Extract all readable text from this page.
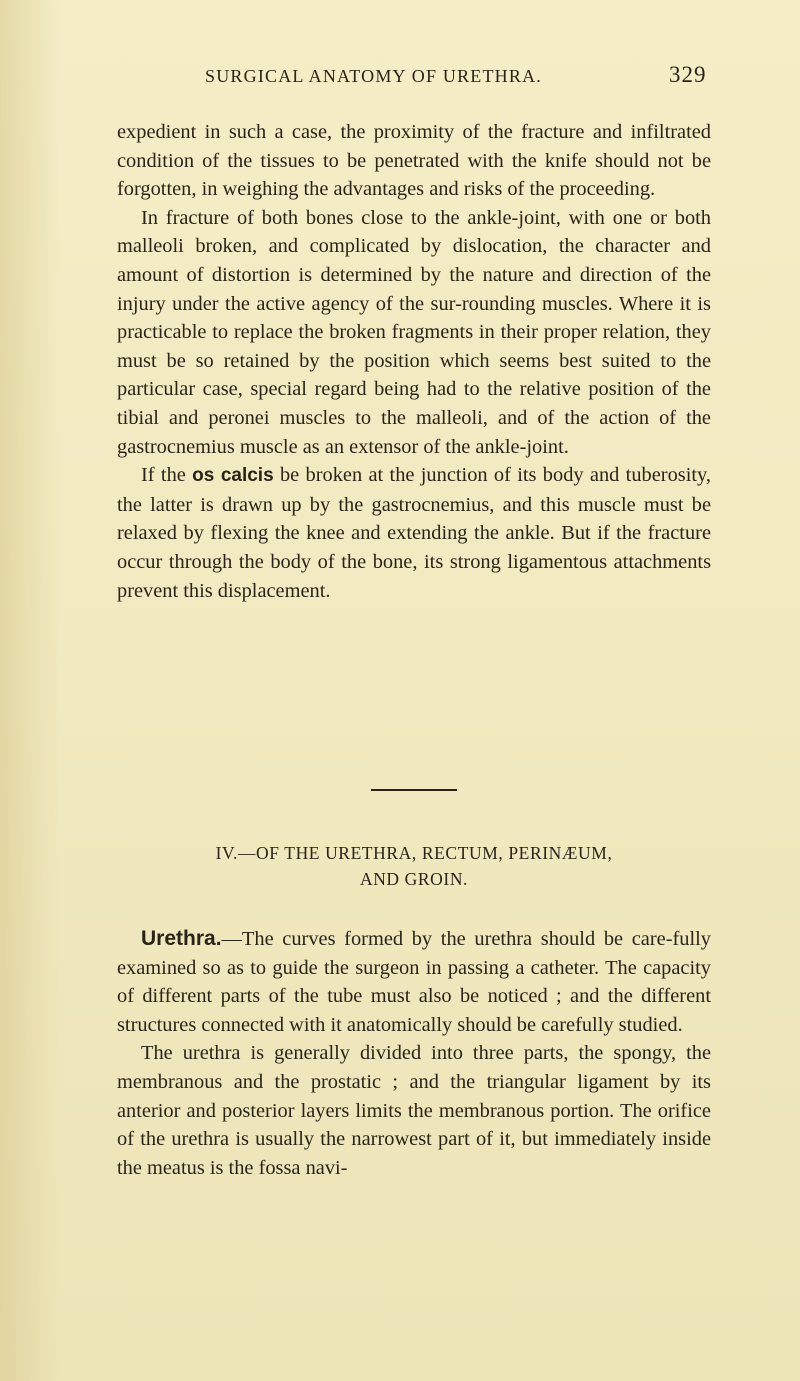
SURGICAL ANATOMY OF URETHRA.	329

expedient in such a case, the proximity of the fracture and infiltrated condition of the tissues to be penetrated with the knife should not be forgotten, in weighing the advantages and risks of the proceeding.

In fracture of both bones close to the ankle-joint, with one or both malleoli broken, and complicated by dislocation, the character and amount of distortion is determined by the nature and direction of the injury under the active agency of the sur-rounding muscles. Where it is practicable to replace the broken fragments in their proper relation, they must be so retained by the position which seems best suited to the particular case, special regard being had to the relative position of the tibial and peronei muscles to the malleoli, and of the action of the gastrocnemius muscle as an extensor of the ankle-joint.

If the os calcis be broken at the junction of its body and tuberosity, the latter is drawn up by the gastrocnemius, and this muscle must be relaxed by flexing the knee and extending the ankle. But if the fracture occur through the body of the bone, its strong ligamentous attachments prevent this displacement.

IV.—OF THE URETHRA, RECTUM, PERINÆUM,
AND GROIN.

Urethra.—The curves formed by the urethra should be care-fully examined so as to guide the surgeon in passing a catheter. The capacity of different parts of the tube must also be noticed ; and the different structures connected with it anatomically should be carefully studied.

The urethra is generally divided into three parts, the spongy, the membranous and the prostatic ; and the triangular ligament by its anterior and posterior layers limits the membranous portion. The orifice of the urethra is usually the narrowest part of it, but immediately inside the meatus is the fossa navi-
